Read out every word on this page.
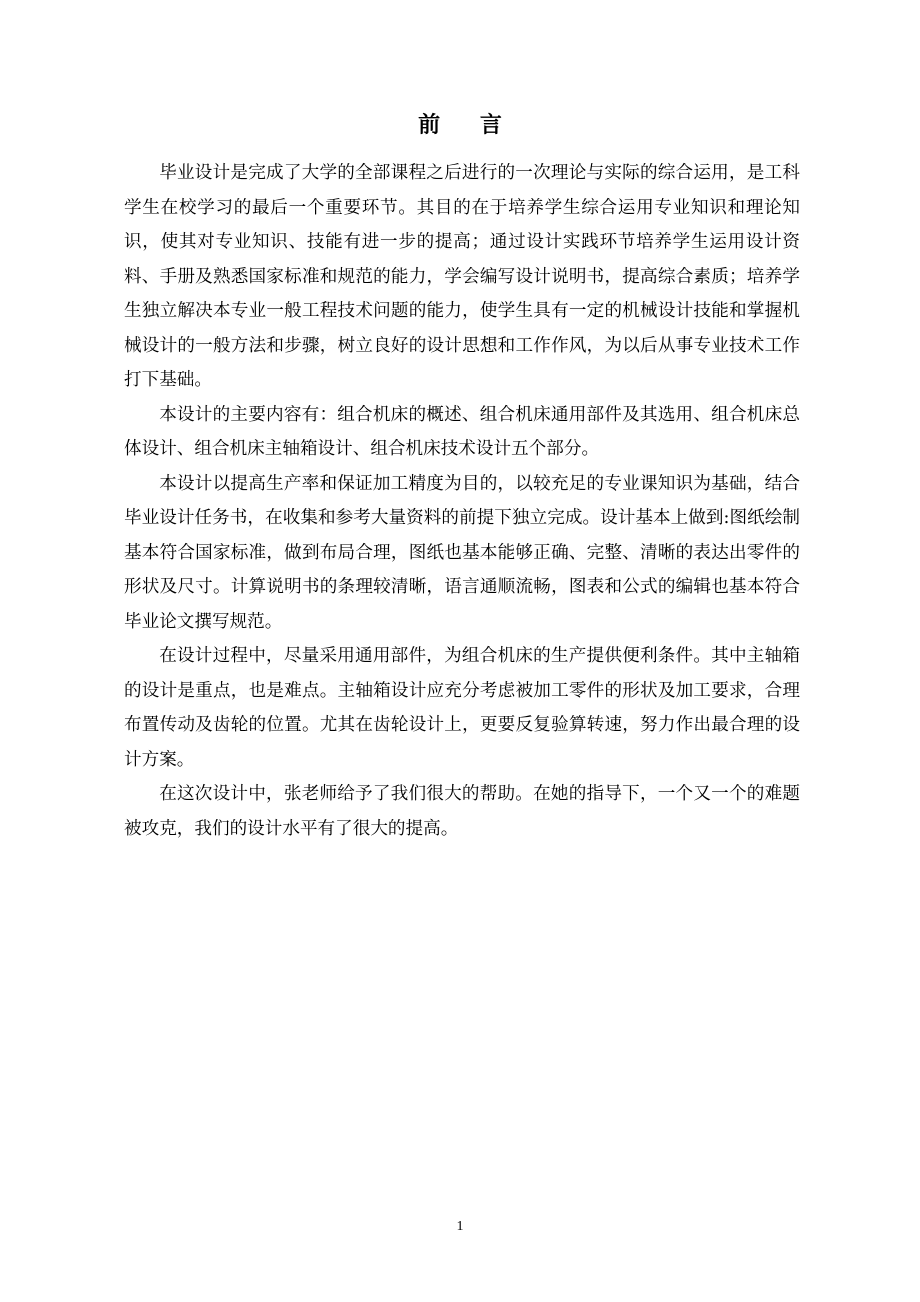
前 言

毕业设计是完成了大学的全部课程之后进行的一次理论与实际的综合运用，是工科学生在校学习的最后一个重要环节。其目的在于培养学生综合运用专业知识和理论知识，使其对专业知识、技能有进一步的提高；通过设计实践环节培养学生运用设计资料、手册及熟悉国家标准和规范的能力，学会编写设计说明书，提高综合素质；培养学生独立解决本专业一般工程技术问题的能力，使学生具有一定的机械设计技能和掌握机械设计的一般方法和步骤，树立良好的设计思想和工作作风，为以后从事专业技术工作打下基础。

本设计的主要内容有：组合机床的概述、组合机床通用部件及其选用、组合机床总体设计、组合机床主轴箱设计、组合机床技术设计五个部分。

本设计以提高生产率和保证加工精度为目的，以较充足的专业课知识为基础，结合毕业设计任务书，在收集和参考大量资料的前提下独立完成。设计基本上做到:图纸绘制基本符合国家标准，做到布局合理，图纸也基本能够正确、完整、清晰的表达出零件的形状及尺寸。计算说明书的条理较清晰，语言通顺流畅，图表和公式的编辑也基本符合毕业论文撰写规范。

在设计过程中，尽量采用通用部件，为组合机床的生产提供便利条件。其中主轴箱的设计是重点，也是难点。主轴箱设计应充分考虑被加工零件的形状及加工要求，合理布置传动及齿轮的位置。尤其在齿轮设计上，更要反复验算转速，努力作出最合理的设计方案。

在这次设计中，张老师给予了我们很大的帮助。在她的指导下，一个又一个的难题被攻克，我们的设计水平有了很大的提高。

1
